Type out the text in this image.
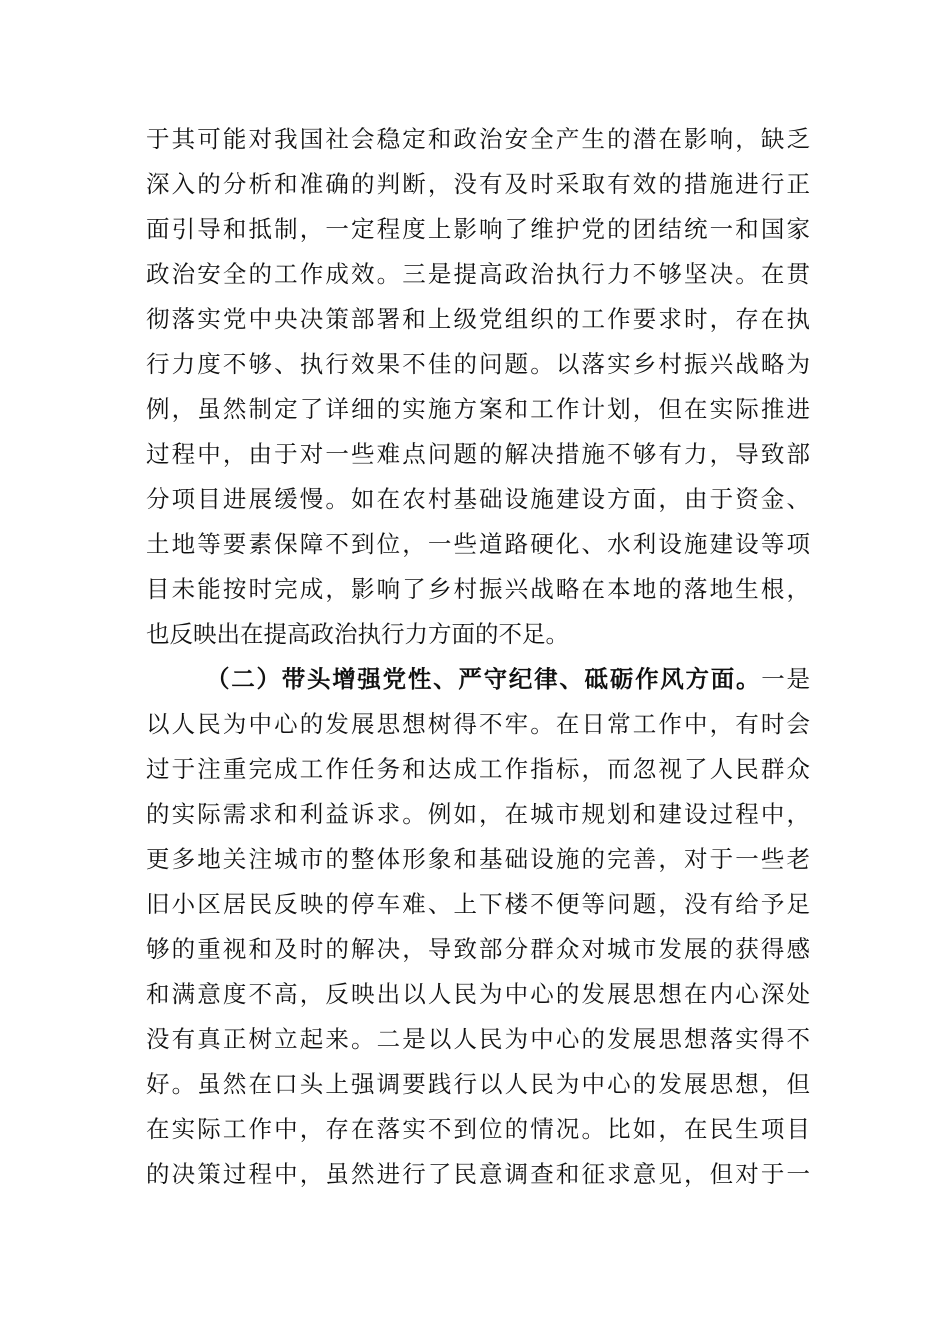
于其可能对我国社会稳定和政治安全产生的潜在影响，缺乏
深入的分析和准确的判断，没有及时采取有效的措施进行正
面引导和抵制，一定程度上影响了维护党的团结统一和国家
政治安全的工作成效。三是提高政治执行力不够坚决。在贯
彻落实党中央决策部署和上级党组织的工作要求时，存在执
行力度不够、执行效果不佳的问题。以落实乡村振兴战略为
例，虽然制定了详细的实施方案和工作计划，但在实际推进
过程中，由于对一些难点问题的解决措施不够有力，导致部
分项目进展缓慢。如在农村基础设施建设方面，由于资金、
土地等要素保障不到位，一些道路硬化、水利设施建设等项
目未能按时完成，影响了乡村振兴战略在本地的落地生根，
也反映出在提高政治执行力方面的不足。
（二）带头增强党性、严守纪律、砥砺作风方面。一是
以人民为中心的发展思想树得不牢。在日常工作中，有时会
过于注重完成工作任务和达成工作指标，而忽视了人民群众
的实际需求和利益诉求。例如，在城市规划和建设过程中，
更多地关注城市的整体形象和基础设施的完善，对于一些老
旧小区居民反映的停车难、上下楼不便等问题，没有给予足
够的重视和及时的解决，导致部分群众对城市发展的获得感
和满意度不高，反映出以人民为中心的发展思想在内心深处
没有真正树立起来。二是以人民为中心的发展思想落实得不
好。虽然在口头上强调要践行以人民为中心的发展思想，但
在实际工作中，存在落实不到位的情况。比如，在民生项目
的决策过程中，虽然进行了民意调查和征求意见，但对于一
